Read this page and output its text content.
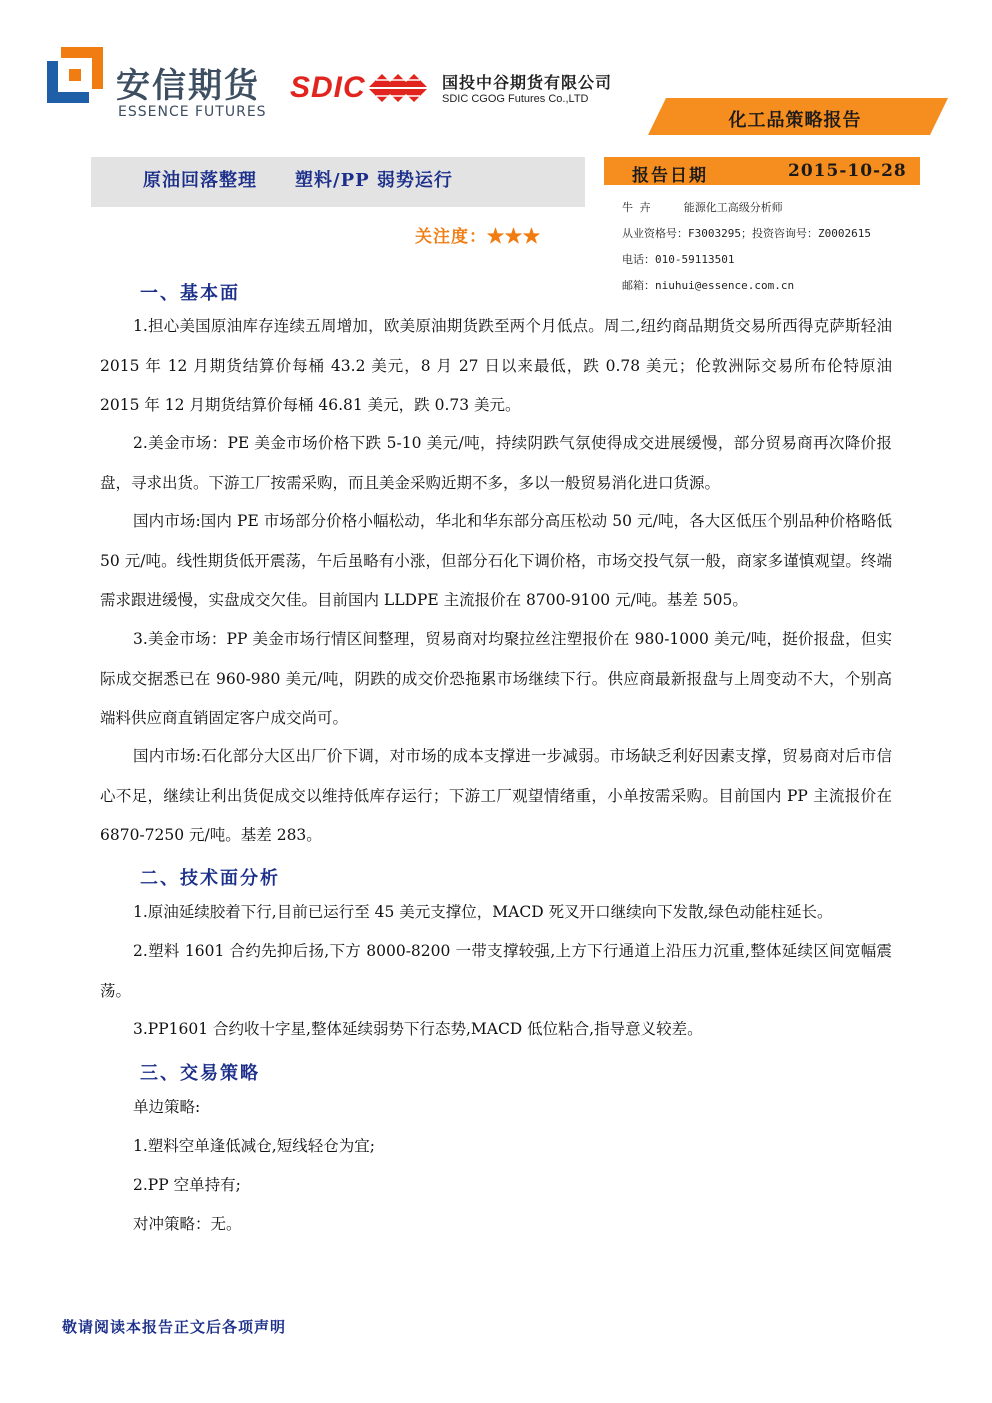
安信期货
ESSENCE FUTURES
SDIC	国投中谷期货有限公司
SDIC CGOG Futures Co.,LTD
化工品策略报告
原油回落整理 塑料/PP 弱势运行
关注度：★★★
报告日期	2015-10-28
牛 卉     能源化工高级分析师
从业资格号：F3003295；投资咨询号：Z0002615
电话：010-59113501
邮箱：niuhui@essence.com.cn
一、基本面
1.担心美国原油库存连续五周增加，欧美原油期货跌至两个月低点。周二,纽约商品期货交易所西得克萨斯轻油 2015 年 12 月期货结算价每桶 43.2 美元，8 月 27 日以来最低，跌 0.78 美元；伦敦洲际交易所布伦特原油 2015 年 12 月期货结算价每桶 46.81 美元，跌 0.73 美元。
2.美金市场：PE 美金市场价格下跌 5-10 美元/吨，持续阴跌气氛使得成交进展缓慢，部分贸易商再次降价报盘，寻求出货。下游工厂按需采购，而且美金采购近期不多，多以一般贸易消化进口货源。
国内市场:国内 PE 市场部分价格小幅松动，华北和华东部分高压松动 50 元/吨，各大区低压个别品种价格略低 50 元/吨。线性期货低开震荡，午后虽略有小涨，但部分石化下调价格，市场交投气氛一般，商家多谨慎观望。终端需求跟进缓慢，实盘成交欠佳。目前国内 LLDPE 主流报价在 8700-9100 元/吨。基差 505。
3.美金市场：PP 美金市场行情区间整理，贸易商对均聚拉丝注塑报价在 980-1000 美元/吨，挺价报盘，但实际成交据悉已在 960-980 美元/吨，阴跌的成交价恐拖累市场继续下行。供应商最新报盘与上周变动不大，个别高端料供应商直销固定客户成交尚可。
国内市场:石化部分大区出厂价下调，对市场的成本支撑进一步减弱。市场缺乏利好因素支撑，贸易商对后市信心不足，继续让利出货促成交以维持低库存运行；下游工厂观望情绪重，小单按需采购。目前国内 PP 主流报价在 6870-7250 元/吨。基差 283。
二、技术面分析
1.原油延续胶着下行,目前已运行至 45 美元支撑位，MACD 死叉开口继续向下发散,绿色动能柱延长。
2.塑料 1601 合约先抑后扬,下方 8000-8200 一带支撑较强,上方下行通道上沿压力沉重,整体延续区间宽幅震荡。
3.PP1601 合约收十字星,整体延续弱势下行态势,MACD 低位粘合,指导意义较差。
三、交易策略
单边策略:
1.塑料空单逢低减仓,短线轻仓为宜;
2.PP 空单持有;
对冲策略：无。
敬请阅读本报告正文后各项声明
